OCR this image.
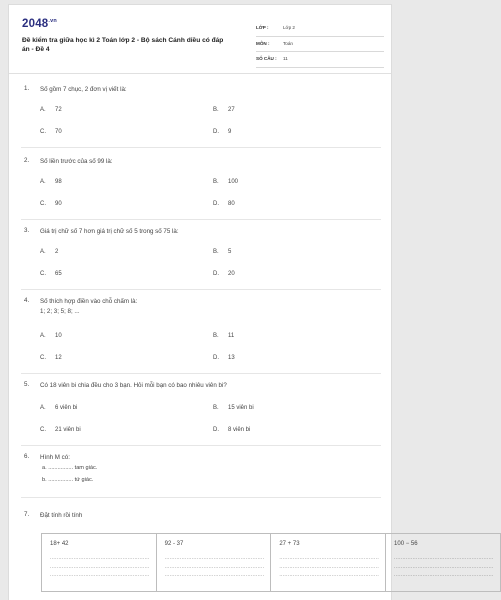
$2048^{.vn}$
Đề kiểm tra giữa học kì 2 Toán lớp 2 - Bộ sách Cánh diều có đáp án - Đề 4
LỚP :	Lớp 2
MÔN :	Toán
SỐ CÂU : 11
1. Số gồm 7 chục, 2 đơn vị viết là:
A. 72	B. 27
C. 70	D. 9
2. Số liền trước của số 99 là:
A. 98	B. 100
C. 90	D. 80
3. Giá trị chữ số 7 hơn giá trị chữ số 5 trong số 75 là:
A. 2	B. 5
C. 65	D. 20
4. Số thích hợp điền vào chỗ chấm là:
1; 2; 3; 5; 8; ...
A. 10	B. 11
C. 12	D. 13
5. Có 18 viên bi chia đều cho 3 bạn. Hỏi mỗi bạn có bao nhiêu viên bi?
A. 6 viên bi	B. 15 viên bi
C. 21 viên bi	D. 8 viên bi
6. Hình M có:
a. ................ tam giác.
b. ................ tứ giác.
7. Đặt tính rồi tính
18+ 42
...........................................................
...........................................................
...........................................................

92 - 37
...........................................................
...........................................................
...........................................................

27 + 73
...........................................................
...........................................................
...........................................................

100 − 56
...........................................................
...........................................................
...........................................................
